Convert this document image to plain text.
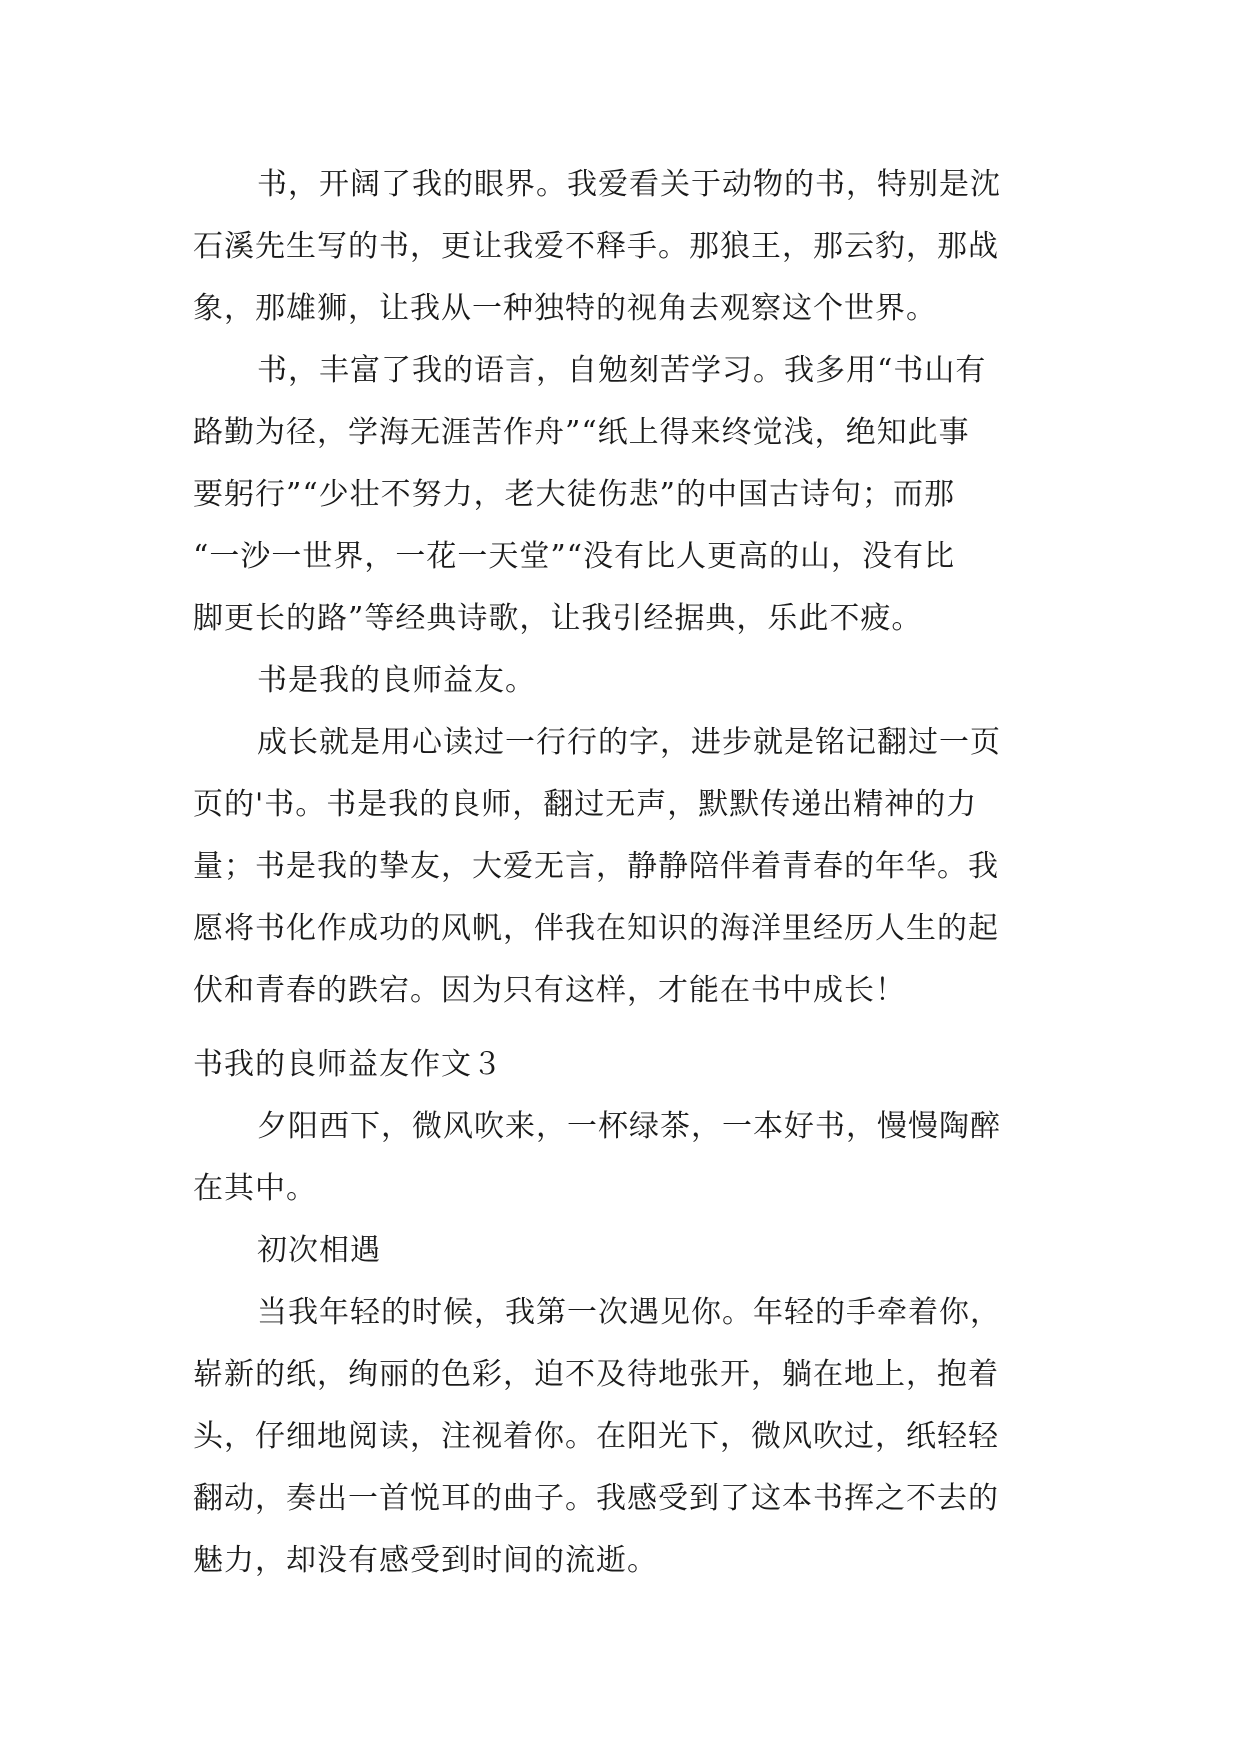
书，开阔了我的眼界。我爱看关于动物的书，特别是沈
石溪先生写的书，更让我爱不释手。那狼王，那云豹，那战
象，那雄狮，让我从一种独特的视角去观察这个世界。
书，丰富了我的语言，自勉刻苦学习。我多用“书山有
路勤为径，学海无涯苦作舟”“纸上得来终觉浅，绝知此事
要躬行”“少壮不努力，老大徒伤悲”的中国古诗句；而那
“一沙一世界，一花一天堂”“没有比人更高的山，没有比
脚更长的路”等经典诗歌，让我引经据典，乐此不疲。
书是我的良师益友。
成长就是用心读过一行行的字，进步就是铭记翻过一页
页的'书。书是我的良师，翻过无声，默默传递出精神的力
量；书是我的挚友，大爱无言，静静陪伴着青春的年华。我
愿将书化作成功的风帆，伴我在知识的海洋里经历人生的起
伏和青春的跌宕。因为只有这样，才能在书中成长！
书我的良师益友作文３
夕阳西下，微风吹来，一杯绿茶，一本好书，慢慢陶醉
在其中。
初次相遇
当我年轻的时候，我第一次遇见你。年轻的手牵着你，
崭新的纸，绚丽的色彩，迫不及待地张开，躺在地上，抱着
头，仔细地阅读，注视着你。在阳光下，微风吹过，纸轻轻
翻动，奏出一首悦耳的曲子。我感受到了这本书挥之不去的
魅力，却没有感受到时间的流逝。
